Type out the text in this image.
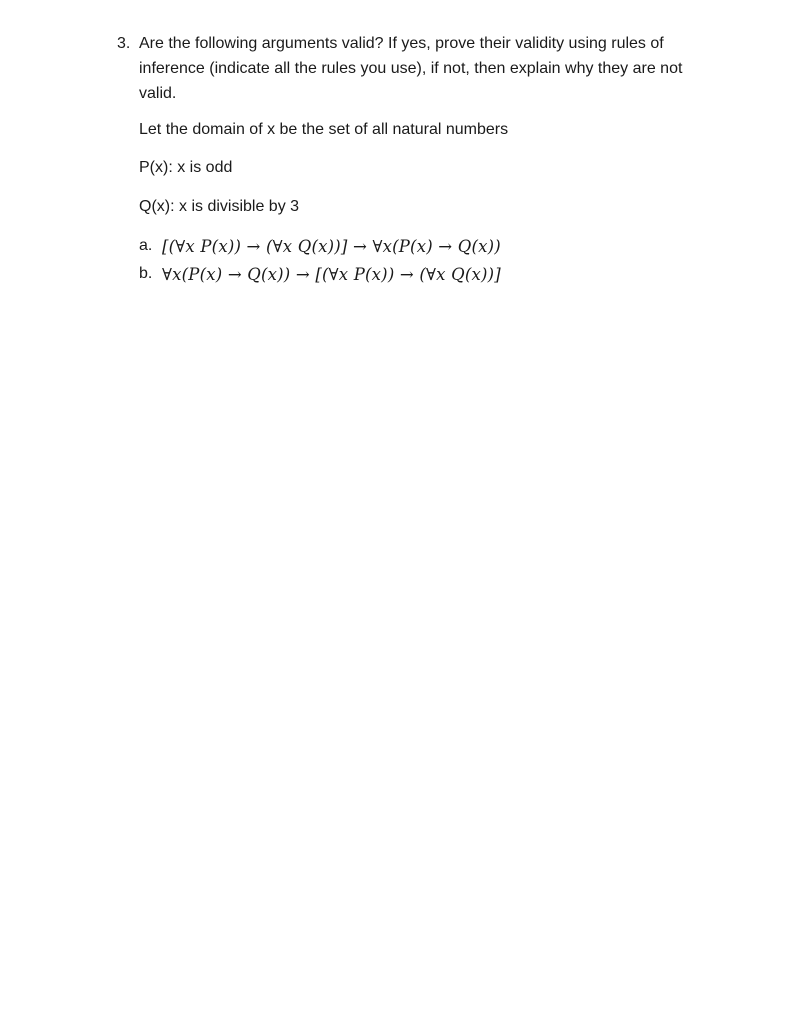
3. Are the following arguments valid? If yes, prove their validity using rules of inference (indicate all the rules you use), if not, then explain why they are not valid.
Let the domain of x be the set of all natural numbers
P(x): x is odd
Q(x): x is divisible by 3
a. [(∀x P(x)) → (∀x Q(x))] → ∀x(P(x) → Q(x))
b. ∀x(P(x) → Q(x)) → [(∀x P(x)) → (∀x Q(x))]
